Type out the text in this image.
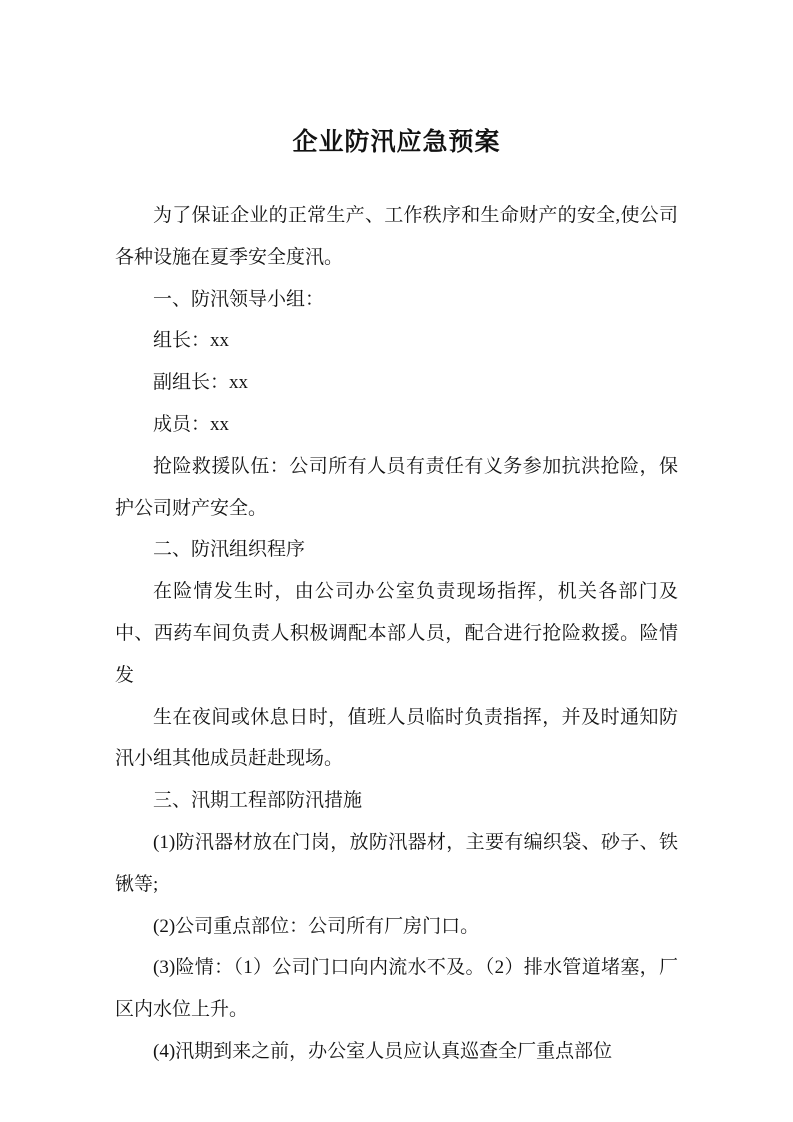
企业防汛应急预案

为了保证企业的正常生产、工作秩序和生命财产的安全,使公司各种设施在夏季安全度汛。

一、防汛领导小组：

组长：xx

副组长：xx

成员：xx

抢险救援队伍：公司所有人员有责任有义务参加抗洪抢险，保护公司财产安全。

二、防汛组织程序

在险情发生时，由公司办公室负责现场指挥，机关各部门及中、西药车间负责人积极调配本部人员，配合进行抢险救援。险情发

生在夜间或休息日时，值班人员临时负责指挥，并及时通知防汛小组其他成员赶赴现场。

三、汛期工程部防汛措施

(1)防汛器材放在门岗，放防汛器材，主要有编织袋、砂子、铁锹等;

(2)公司重点部位：公司所有厂房门口。

(3)险情：（1）公司门口向内流水不及。（2）排水管道堵塞，厂区内水位上升。

(4)汛期到来之前，办公室人员应认真巡查全厂重点部位
